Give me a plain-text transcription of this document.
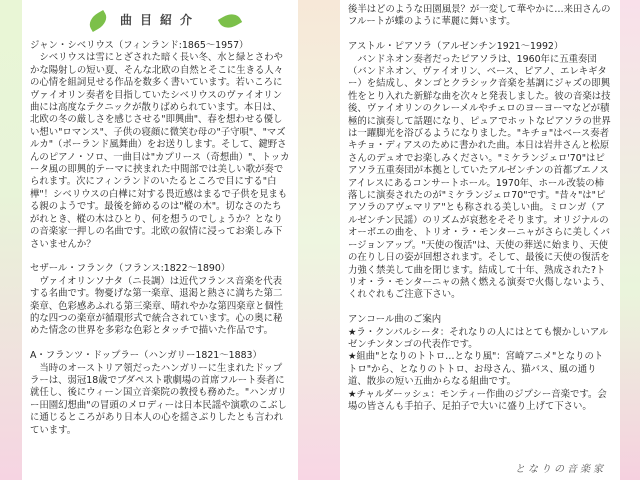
曲目紹介

ジャン・シベリウス（フィンランド:1865～1957）

シベリウスは雪にとざされた暗く長い冬、水と緑とさわやかな陽射しの短い夏、そんな北欧の自然とそこに生きる人々の心情を組詞見せる作品を数多く書いています。若いころにヴァイオリン奏者を目指していたシベリウスのヴァイオリン曲には高度なテクニックが散りばめられています。本日は、北欧の冬の厳しさを感じさせる"即興曲"、春を想わせる優しい想い"ロマンス"、子供の寝顔に微笑む母の"子守唄"、"マズルカ"（ポーランド風舞曲）をお送りします。そして、鍵野さんのピアノ・ソロ、一曲目は"カプリース（奇想曲）"、トッカータ風の即興的テーマに挟まれた中間部では美しい歌が奏でられます。次にフィンランドのいたるところで目にする"白樺"！シベリウスの白樺に対する畏近感はまるで子供を見まもる親のようです。最後を締めるのは"樅の木"。切なさのたちがれとき、樅の木はひとり、何を想うのでしょうか？となりの音楽家一押しの名曲です。北欧の叙情に浸ってお楽しみ下さいませんか？

セザール・フランク（フランス:1822～1890）

ヴァイオリンソナタ（ニ長調）は近代フランス音楽を代表する名曲です。物憂げな第一楽章、退渇と熱さに満ちた第二楽章、色彩感あふれる第三楽章、晴れやかな第四楽章と個性的な四つの楽章が循環形式で統合されています。心の奥に秘めた情念の世界を多彩な色彩とタッチで描いた作品です。

A・フランツ・ドップラー（ハンガリー1821～1883）

当時のオーストリア領だったハンガリーに生まれたドップラーは、弱冠18歳でブダペスト歌劇場の首席フルート奏者に就任し、後にウィーン国立音楽院の教授も務めた。"ハンガリー田園幻想曲"の冒頭のメロディーは日本民謡や演歌のこぶしに通じるところがあり日本人の心を揺さぶりしたとも言われています。

後半はどのような田園風景？が一変して華やかに…来田さんのフルートが蝶のように華麗に舞います。

アストル・ピアソラ（アルゼンチン1921～1992）

バンドネオン奏者だったピアソラは、1960年に五重奏団（バンドネオン、ヴァイオリン、ベース、ピアノ、エレキギター）を結成し、タンゴとクラシック音楽を基調にジャズの即興性をとり入れた新鮮な曲を次々と発表しました。彼の音楽は技後、ヴァイオリンのクレーメルやチェロのヨーヨーマなどが積極的に演奏して話題になり、ピュアでホットなピアソラの世界は一躍脚光を浴びるようになりました。"キチョ"はベース奏者キチョ・ディアスのために書かれた曲。本日は岩井さんと松原さんのデュオでお楽しみください。"ミケランジェロ'70"はピアソラ五重奏団が本拠としていたアルゼンチンの首都ブエノスアイレスにあるコンサートホール。1970年、ホール改装の柿落しに演奏されたのが"ミケランジェロ70"です。"昔々"は"ピアソラのアヴェマリア"とも称される美しい曲。ミロンガ（アルゼンチン民謡）のリズムが哀愁をそそります。オリジナルのオーボエの曲を、トリオ・ラ・モンターニャがさらに美しくバージョンアップ。"天使の復活"は、天使の葬送に始まり、天使の在りし日の姿が回想されます。そして、最後に天使の復活を力強く禁美して曲を閉じます。結成して十年、熟成された?トリオ・ラ・モンターニャの熱く燃える演奏で火傷しないよう、くれぐれもご注意下さい。

アンコール曲のご案内

★ラ・クンパルシータ：それなりの人にはとても懐かしいアルゼンチンタンゴの代表作です。

★組曲"となりのトトロ…となり風"：宮崎アニメ"となりのトトロ"から、となりのトトロ、お母さん、猫バス、風の通り道、散歩の短い五曲からなる組曲です。

★チャルダーッシュ：モンティー作曲のジプシー音楽です。会場の皆さんも手拍子、足拍子で大いに盛り上げて下さい。

となりの音楽家
